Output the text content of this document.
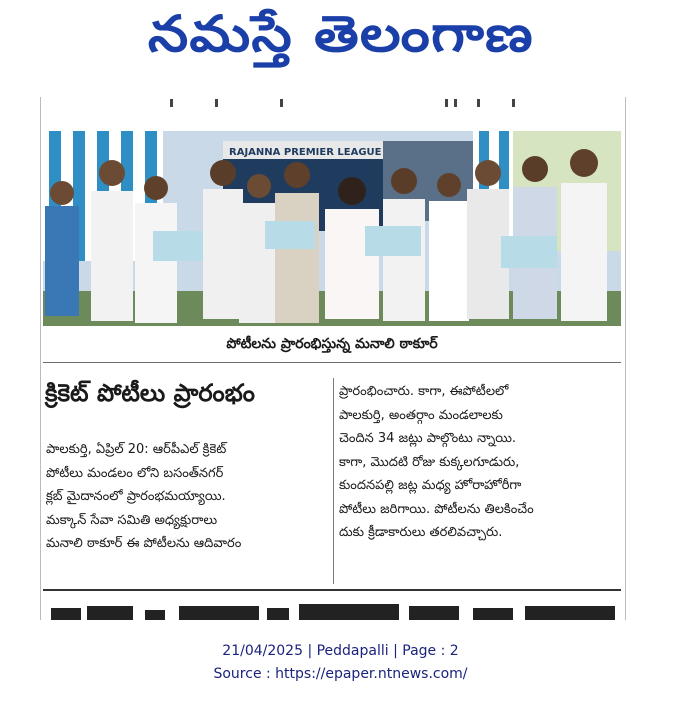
నమస్తే తెలంగాణ
RAJANNA PREMIER LEAGUE
పోటీలను ప్రారంభిస్తున్న మనాలి ఠాకూర్
క్రికెట్ పోటీలు ప్రారంభం

పాలకుర్తి, ఏప్రిల్ 20: ఆర్‌పీఎల్ క్రికెట్

పోటీలు మండలం లోని బసంత్‌నగర్

క్లబ్ మైదానంలో ప్రారంభమయ్యాయి.

మక్కాన్ సేవా సమితి అధ్యక్షురాలు

మనాలి ఠాకూర్ ఈ పోటీలను ఆదివారం

ప్రారంభించారు. కాగా, ఈపోటీలలో

పాలకుర్తి, అంతర్గాం మండలాలకు

చెందిన 34 జట్లు పాల్గొంటు న్నాయి.

కాగా, మొదటి రోజు కుక్కలగూడురు,

కుందనపల్లి జట్ల మధ్య హోరాహోరీగా

పోటీలు జరిగాయి. పోటీలను తిలకించేం

దుకు క్రీడాకారులు తరలివచ్చారు.

21/04/2025 | Peddapalli | Page : 2
Source : https://epaper.ntnews.com/
